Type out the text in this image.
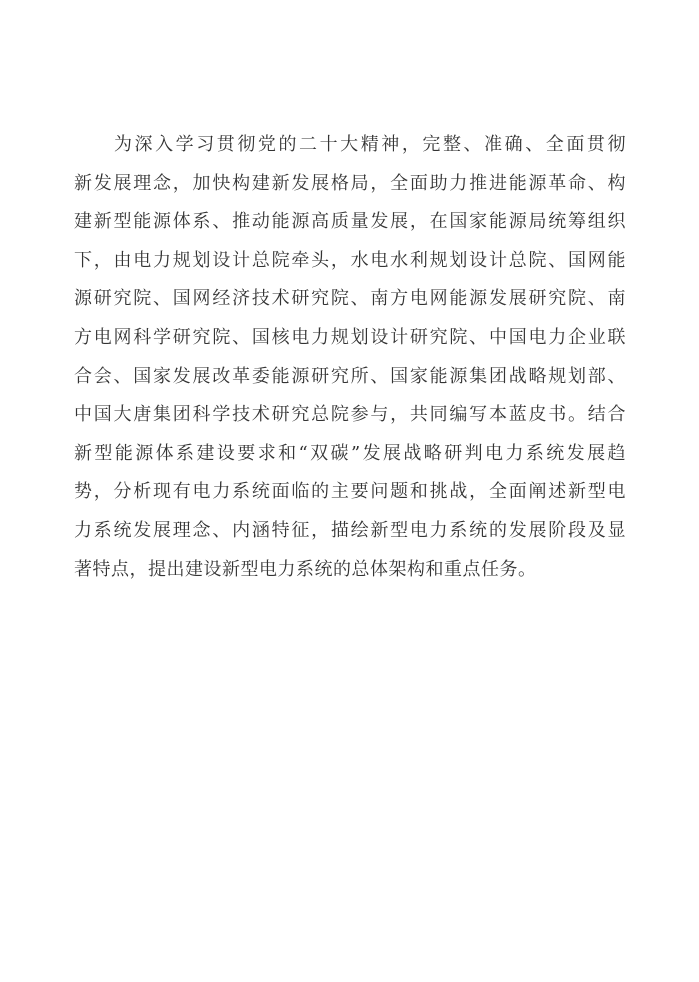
为深入学习贯彻党的二十大精神，完整、准确、全面贯彻
新发展理念，加快构建新发展格局，全面助力推进能源革命、构
建新型能源体系、推动能源高质量发展，在国家能源局统筹组织
下，由电力规划设计总院牵头，水电水利规划设计总院、国网能
源研究院、国网经济技术研究院、南方电网能源发展研究院、南
方电网科学研究院、国核电力规划设计研究院、中国电力企业联
合会、国家发展改革委能源研究所、国家能源集团战略规划部、
中国大唐集团科学技术研究总院参与，共同编写本蓝皮书。结合
新型能源体系建设要求和“双碳”发展战略研判电力系统发展趋
势，分析现有电力系统面临的主要问题和挑战，全面阐述新型电
力系统发展理念、内涵特征，描绘新型电力系统的发展阶段及显
著特点，提出建设新型电力系统的总体架构和重点任务。
